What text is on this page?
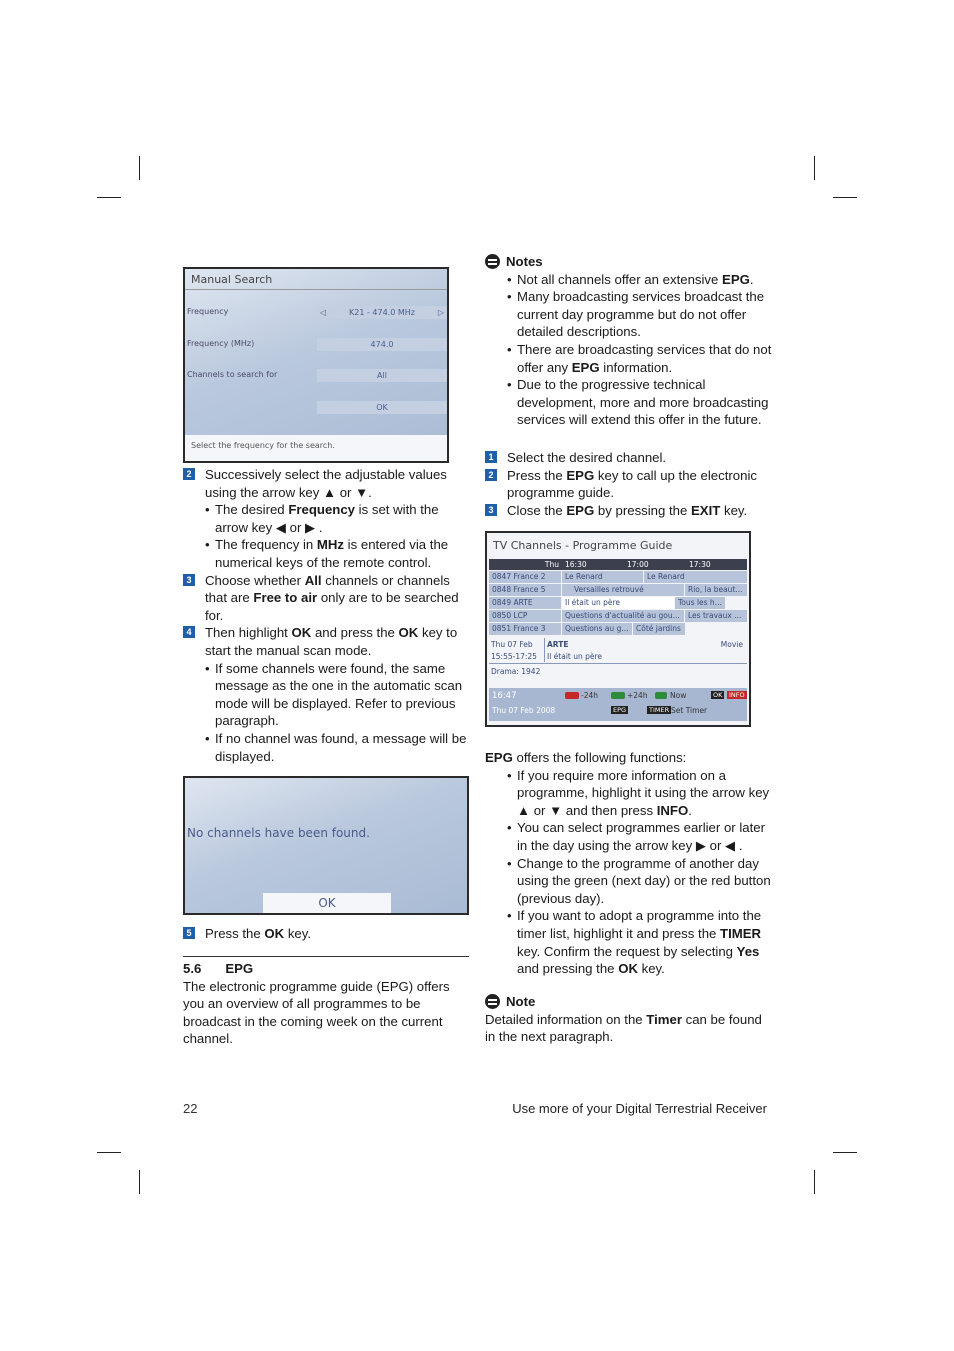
Manual Search
Frequency	◁	K21 - 474.0 MHz	▷
Frequency (MHz)	474.0
Channels to search for	All
OK
Select the frequency for the search.
2 Successively select the adjustable values using the arrow key ▲ or ▼.
• The desired Frequency is set with the arrow key ◀ or ▶ .
• The frequency in MHz is entered via the numerical keys of the remote control.
3 Choose whether All channels or channels that are Free to air only are to be searched for.
4 Then highlight OK and press the OK key to start the manual scan mode.
• If some channels were found, the same message as the one in the automatic scan mode will be displayed. Refer to previous paragraph.
• If no channel was found, a message will be displayed.
No channels have been found.
OK
5 Press the OK key.
5.6 EPG

The electronic programme guide (EPG) offers you an overview of all programmes to be broadcast in the coming week on the current channel.

Notes
• Not all channels offer an extensive EPG.
• Many broadcasting services broadcast the current day programme but do not offer detailed descriptions.
• There are broadcasting services that do not offer any EPG information.
• Due to the progressive technical development, more and more broadcasting services will extend this offer in the future.
1 Select the desired channel.
2 Press the EPG key to call up the electronic programme guide.
3 Close the EPG by pressing the EXIT key.
TV Channels - Programme Guide
Thu 16:30	17:00	17:30
0847 France 2	Le Renard	Le Renard
0848 France 5	Versailles retrouvé	Rio, la beaut...
0849 ARTE	Il était un père	Tous les h...
0850 LCP	Questions d'actualité au gou...	Les travaux ...
0851 France 3	Questions au g...	Côté jardins
Thu 07 Feb
15:55-17:25
ARTE	Movie
Il était un père
Drama: 1942
16:47
Thu 07 Feb 2008
-24h	+24h	Now	OK	INFO
EPG	TIMER Set Timer

EPG offers the following functions:

• If you require more information on a programme, highlight it using the arrow key ▲ or ▼ and then press INFO.
• You can select programmes earlier or later in the day using the arrow key ▶ or ◀ .
• Change to the programme of another day using the green (next day) or the red button (previous day).
• If you want to adopt a programme into the timer list, highlight it and press the TIMER key. Confirm the request by selecting Yes and pressing the OK key.
Note

Detailed information on the Timer can be found in the next paragraph.

22	Use more of your Digital Terrestrial Receiver
